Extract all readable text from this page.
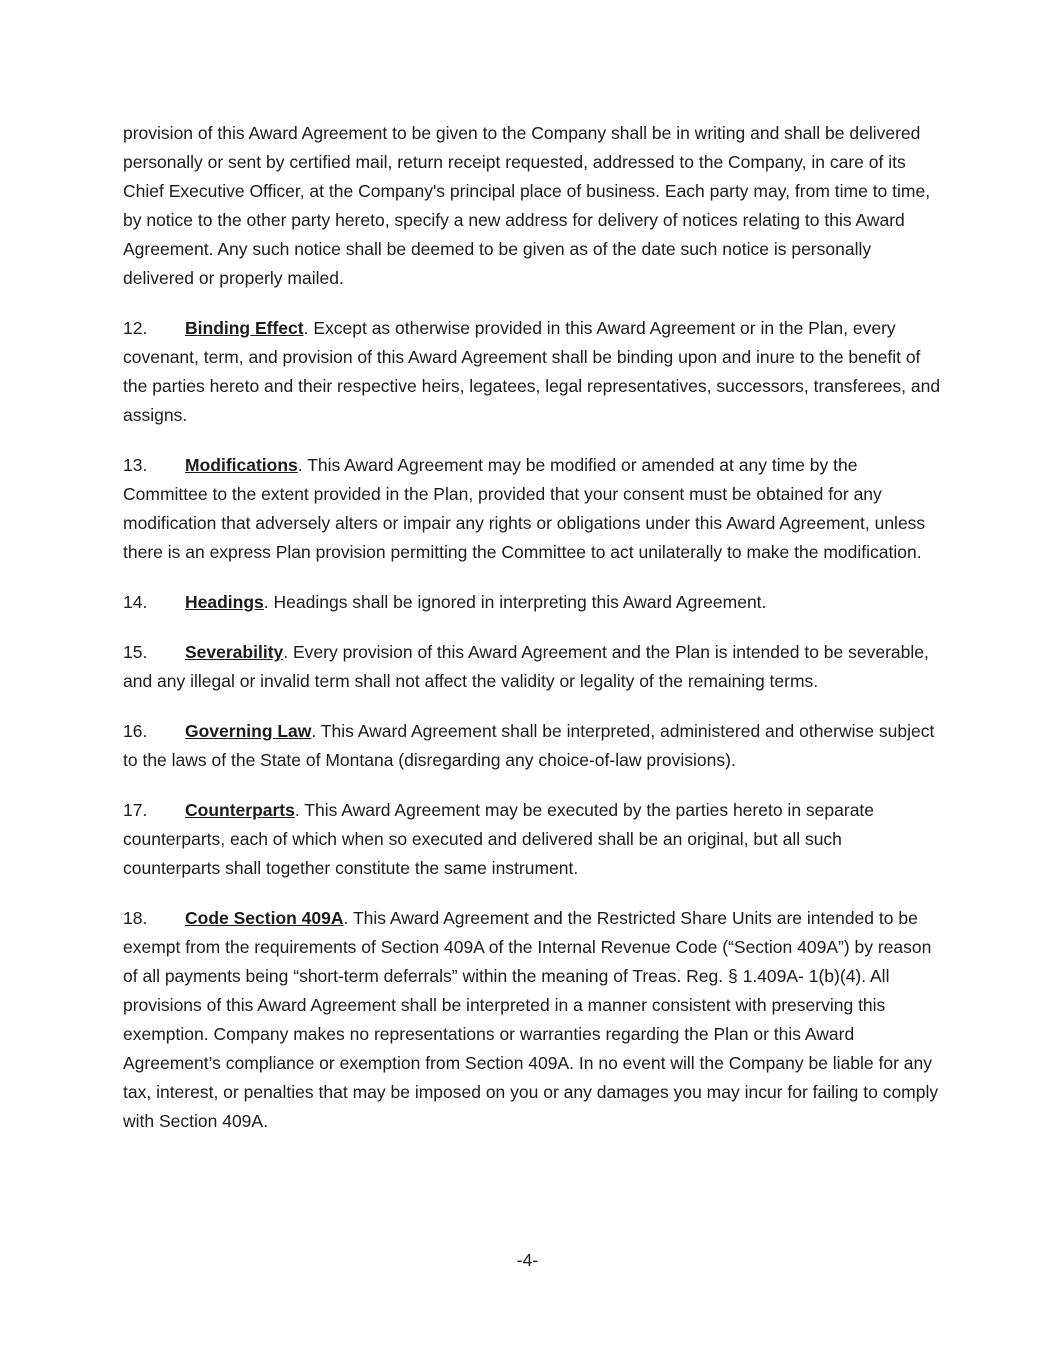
provision of this Award Agreement to be given to the Company shall be in writing and shall be delivered personally or sent by certified mail, return receipt requested, addressed to the Company, in care of its Chief Executive Officer, at the Company's principal place of business. Each party may, from time to time, by notice to the other party hereto, specify a new address for delivery of notices relating to this Award Agreement. Any such notice shall be deemed to be given as of the date such notice is personally delivered or properly mailed.

12. Binding Effect. Except as otherwise provided in this Award Agreement or in the Plan, every covenant, term, and provision of this Award Agreement shall be binding upon and inure to the benefit of the parties hereto and their respective heirs, legatees, legal representatives, successors, transferees, and assigns.

13. Modifications. This Award Agreement may be modified or amended at any time by the Committee to the extent provided in the Plan, provided that your consent must be obtained for any modification that adversely alters or impair any rights or obligations under this Award Agreement, unless there is an express Plan provision permitting the Committee to act unilaterally to make the modification.

14. Headings. Headings shall be ignored in interpreting this Award Agreement.

15. Severability. Every provision of this Award Agreement and the Plan is intended to be severable, and any illegal or invalid term shall not affect the validity or legality of the remaining terms.

16. Governing Law. This Award Agreement shall be interpreted, administered and otherwise subject to the laws of the State of Montana (disregarding any choice-of-law provisions).

17. Counterparts. This Award Agreement may be executed by the parties hereto in separate counterparts, each of which when so executed and delivered shall be an original, but all such counterparts shall together constitute the same instrument.

18. Code Section 409A. This Award Agreement and the Restricted Share Units are intended to be exempt from the requirements of Section 409A of the Internal Revenue Code (“Section 409A”) by reason of all payments being “short-term deferrals” within the meaning of Treas. Reg. § 1.409A- 1(b)(4). All provisions of this Award Agreement shall be interpreted in a manner consistent with preserving this exemption. Company makes no representations or warranties regarding the Plan or this Award Agreement’s compliance or exemption from Section 409A. In no event will the Company be liable for any tax, interest, or penalties that may be imposed on you or any damages you may incur for failing to comply with Section 409A.

-4-
